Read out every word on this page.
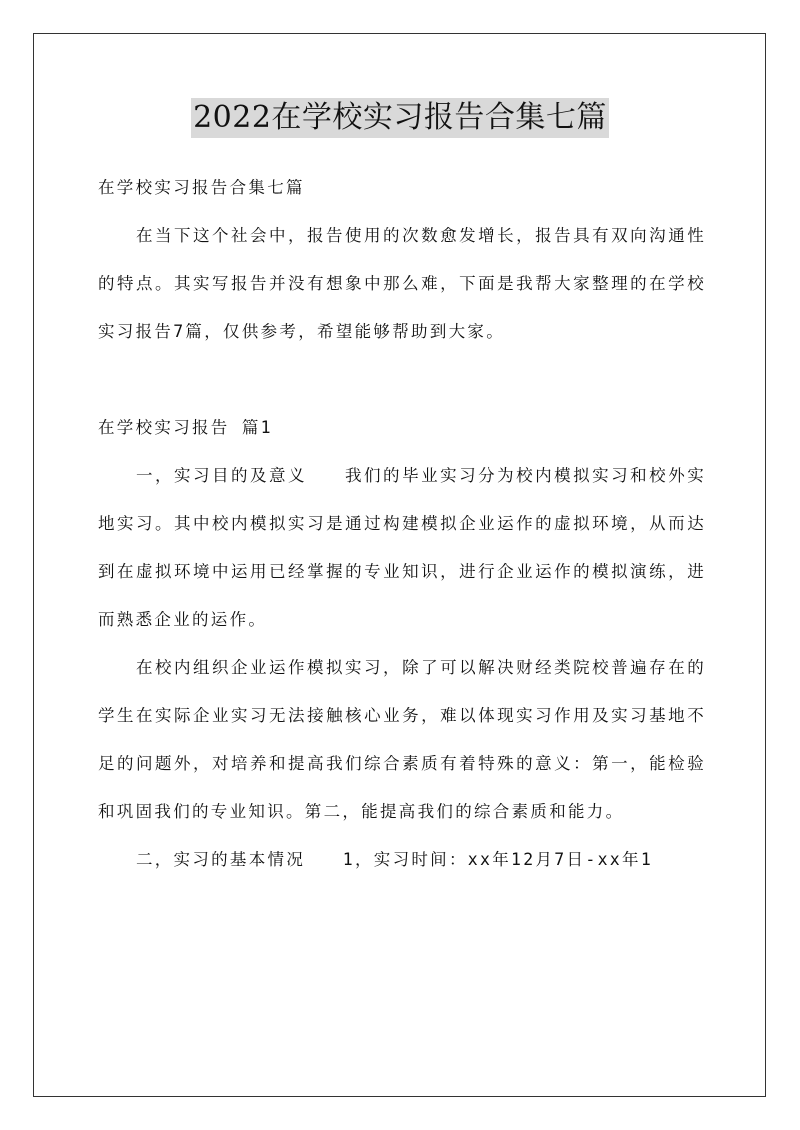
2022在学校实习报告合集七篇

在学校实习报告合集七篇

在当下这个社会中，报告使用的次数愈发增长，报告具有双向沟通性的特点。其实写报告并没有想象中那么难，下面是我帮大家整理的在学校实习报告7篇，仅供参考，希望能够帮助到大家。

在学校实习报告 篇1

一，实习目的及意义　　我们的毕业实习分为校内模拟实习和校外实地实习。其中校内模拟实习是通过构建模拟企业运作的虚拟环境，从而达到在虚拟环境中运用已经掌握的专业知识，进行企业运作的模拟演练，进而熟悉企业的运作。

在校内组织企业运作模拟实习，除了可以解决财经类院校普遍存在的学生在实际企业实习无法接触核心业务，难以体现实习作用及实习基地不足的问题外，对培养和提高我们综合素质有着特殊的意义：第一，能检验和巩固我们的专业知识。第二，能提高我们的综合素质和能力。

二，实习的基本情况　　1，实习时间：xx年12月7日-xx年1
